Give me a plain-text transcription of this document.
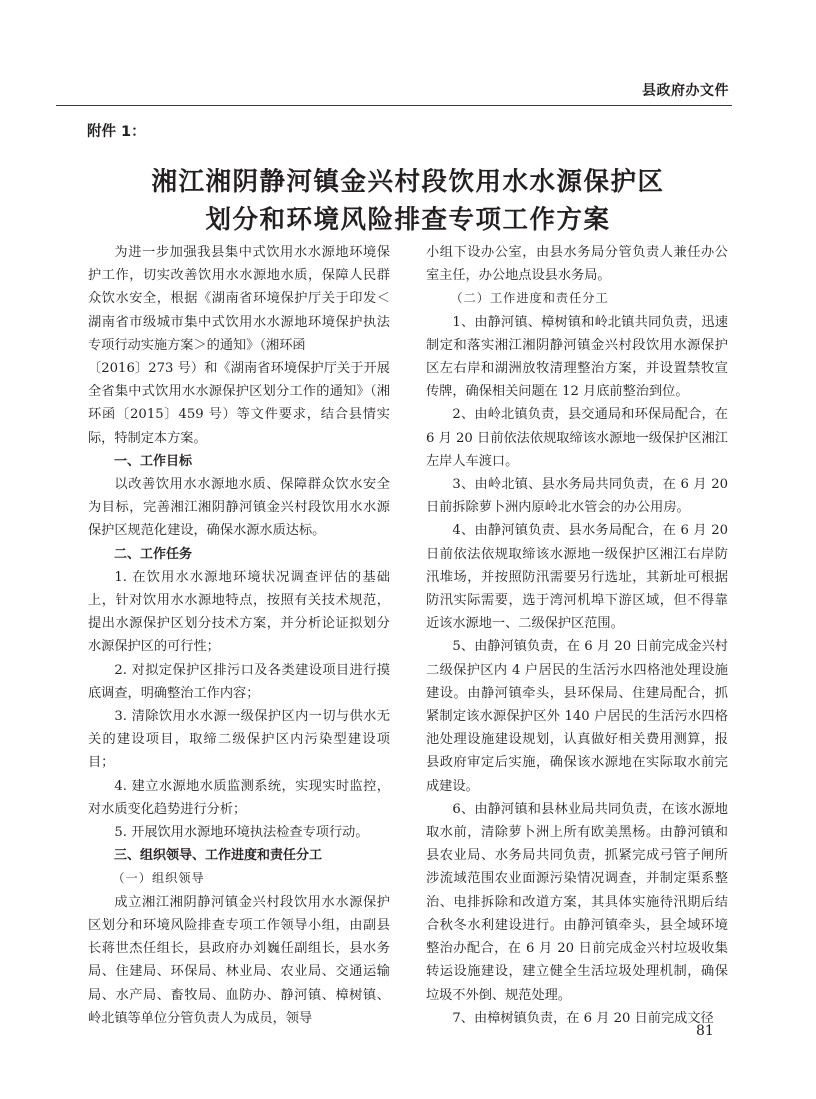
县政府办文件
附件 1：
湘江湘阴静河镇金兴村段饮用水水源保护区
划分和环境风险排查专项工作方案

为进一步加强我县集中式饮用水水源地环境保护工作，切实改善饮用水水源地水质，保障人民群众饮水安全，根据《湖南省环境保护厅关于印发＜湖南省市级城市集中式饮用水水源地环境保护执法专项行动实施方案＞的通知》（湘环函

〔2016〕273 号）和《湖南省环境保护厅关于开展全省集中式饮用水水源保护区划分工作的通知》（湘环函〔2015〕459 号）等文件要求，结合县情实际，特制定本方案。

一、工作目标

以改善饮用水水源地水质、保障群众饮水安全为目标，完善湘江湘阴静河镇金兴村段饮用水水源保护区规范化建设，确保水源水质达标。

二、工作任务

1. 在饮用水水源地环境状况调查评估的基础上，针对饮用水水源地特点，按照有关技术规范，提出水源保护区划分技术方案，并分析论证拟划分水源保护区的可行性；

2. 对拟定保护区排污口及各类建设项目进行摸底调查，明确整治工作内容；

3. 清除饮用水水源一级保护区内一切与供水无关的建设项目，取缔二级保护区内污染型建设项目；

4. 建立水源地水质监测系统，实现实时监控，对水质变化趋势进行分析；

5. 开展饮用水源地环境执法检查专项行动。

三、组织领导、工作进度和责任分工

（一）组织领导

成立湘江湘阴静河镇金兴村段饮用水水源保护区划分和环境风险排查专项工作领导小组，由副县长蒋世杰任组长，县政府办刘巍任副组长，县水务局、住建局、环保局、林业局、农业局、交通运输局、水产局、畜牧局、血防办、静河镇、樟树镇、岭北镇等单位分管负责人为成员，领导

小组下设办公室，由县水务局分管负责人兼任办公室主任，办公地点设县水务局。

（二）工作进度和责任分工

1、由静河镇、樟树镇和岭北镇共同负责，迅速制定和落实湘江湘阴静河镇金兴村段饮用水源保护区左右岸和湖洲放牧清理整治方案，并设置禁牧宣传牌，确保相关问题在 12 月底前整治到位。

2、由岭北镇负责，县交通局和环保局配合，在 6 月 20 日前依法依规取缔该水源地一级保护区湘江左岸人车渡口。

3、由岭北镇、县水务局共同负责，在 6 月 20 日前拆除萝卜洲内原岭北水管会的办公用房。

4、由静河镇负责、县水务局配合，在 6 月 20 日前依法依规取缔该水源地一级保护区湘江右岸防汛堆场，并按照防汛需要另行选址，其新址可根据防汛实际需要，选于湾河机埠下游区域，但不得靠近该水源地一、二级保护区范围。

5、由静河镇负责，在 6 月 20 日前完成金兴村二级保护区内 4 户居民的生活污水四格池处理设施建设。由静河镇牵头，县环保局、住建局配合，抓紧制定该水源保护区外 140 户居民的生活污水四格池处理设施建设规划，认真做好相关费用测算，报县政府审定后实施，确保该水源地在实际取水前完成建设。

6、由静河镇和县林业局共同负责，在该水源地取水前，清除萝卜洲上所有欧美黑杨。由静河镇和县农业局、水务局共同负责，抓紧完成弓管子闸所涉流域范围农业面源污染情况调查，并制定渠系整治、电排拆除和改道方案，其具体实施待汛期后结合秋冬水利建设进行。由静河镇牵头，县全域环境整治办配合，在 6 月 20 日前完成金兴村垃圾收集转运设施建设，建立健全生活垃圾处理机制，确保垃圾不外倒、规范处理。

7、由樟树镇负责，在 6 月 20 日前完成文径

81
